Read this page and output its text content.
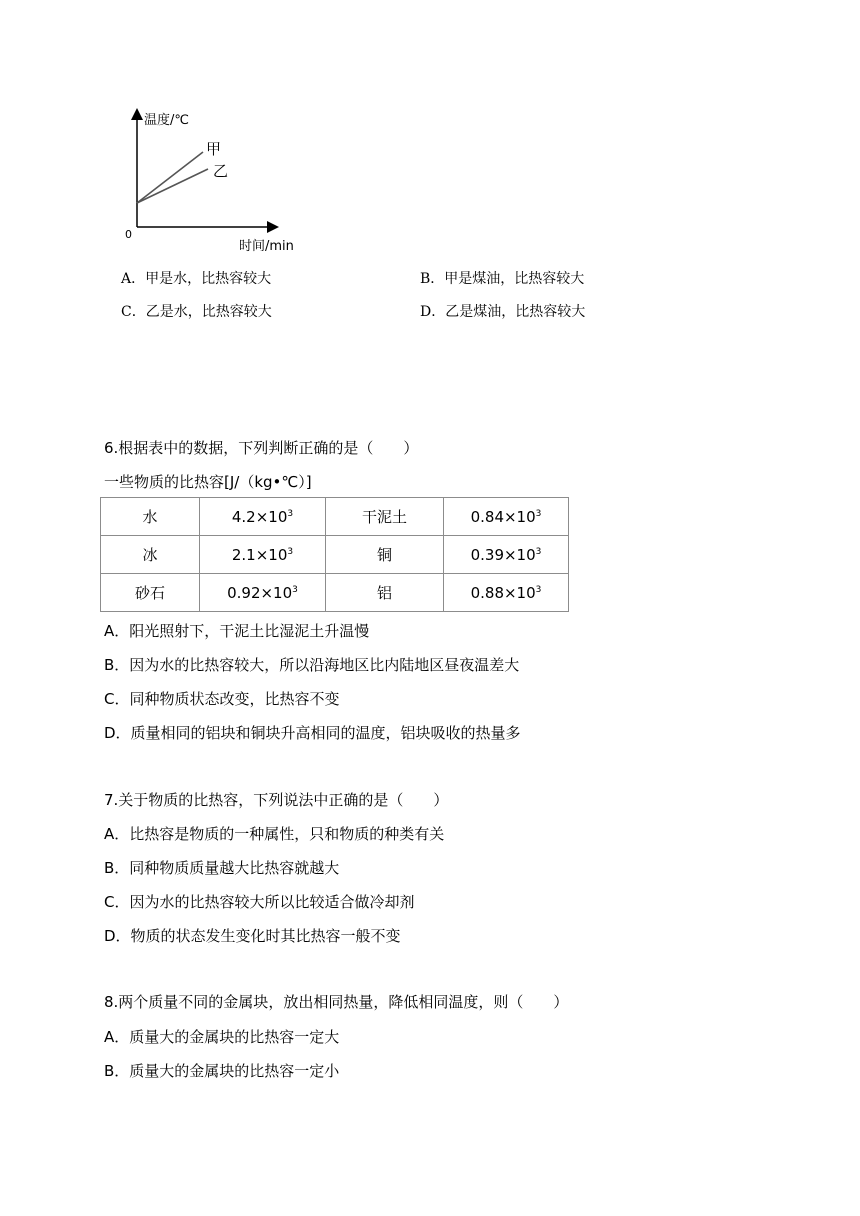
温度/℃
时间/min
0
甲
乙
A．甲是水，比热容较大	B．甲是煤油，比热容较大
C．乙是水，比热容较大	D．乙是煤油，比热容较大
6.根据表中的数据，下列判断正确的是（　　）
一些物质的比热容[J/（kg•℃）]
水	$4.2\times 10^3$	干泥土	$0.84\times 10^3$
冰	$2.1\times 10^3$	铜	$0.39\times 10^3$
砂石	$0.92\times 10^3$	铝	$0.88\times 10^3$
A．阳光照射下，干泥土比湿泥土升温慢
B．因为水的比热容较大，所以沿海地区比内陆地区昼夜温差大
C．同种物质状态改变，比热容不变
D．质量相同的铝块和铜块升高相同的温度，铝块吸收的热量多
7.关于物质的比热容，下列说法中正确的是（　　）
A．比热容是物质的一种属性，只和物质的种类有关
B．同种物质质量越大比热容就越大
C．因为水的比热容较大所以比较适合做冷却剂
D．物质的状态发生变化时其比热容一般不变
8.两个质量不同的金属块，放出相同热量，降低相同温度，则（　　）
A．质量大的金属块的比热容一定大
B．质量大的金属块的比热容一定小
